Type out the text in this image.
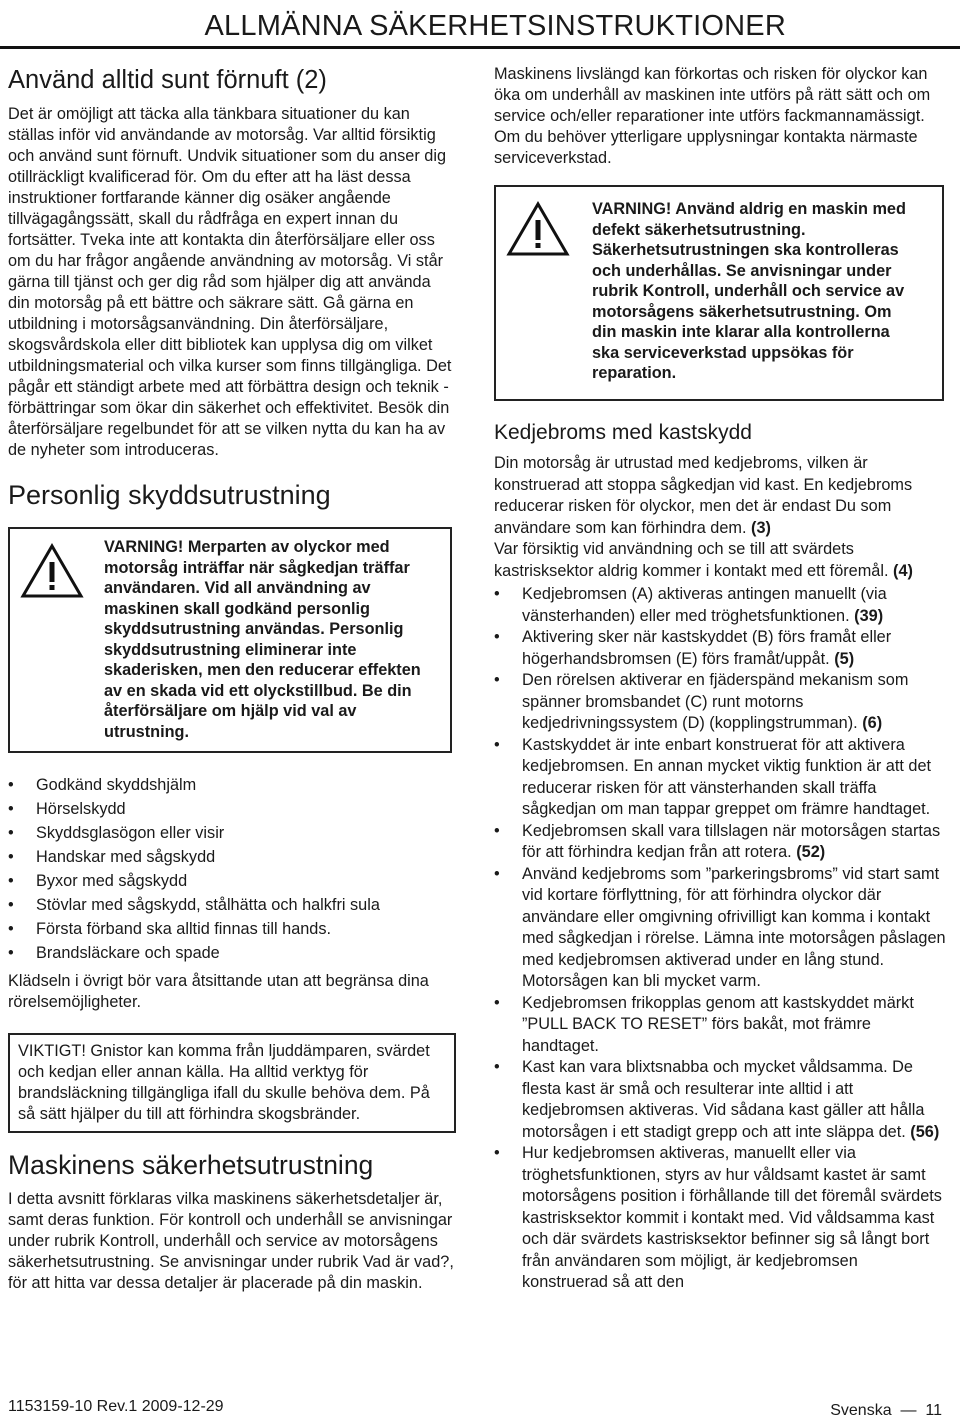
ALLMÄNNA SÄKERHETSINSTRUKTIONER
Använd alltid sunt förnuft (2)

Det är omöjligt att täcka alla tänkbara situationer du kan ställas inför vid användande av motorsåg. Var alltid försiktig och använd sunt förnuft. Undvik situationer som du anser dig otillräckligt kvalificerad för. Om du efter att ha läst dessa instruktioner fortfarande känner dig osäker angående tillvägagångssätt, skall du rådfråga en expert innan du fortsätter. Tveka inte att kontakta din återförsäljare eller oss om du har frågor angående användning av motorsåg. Vi står gärna till tjänst och ger dig råd som hjälper dig att använda din motorsåg på ett bättre och säkrare sätt. Gå gärna en utbildning i motorsågsanvändning. Din återförsäljare, skogsvårdskola eller ditt bibliotek kan upplysa dig om vilket utbildningsmaterial och vilka kurser som finns tillgängliga. Det pågår ett ständigt arbete med att förbättra design och teknik - förbättringar som ökar din säkerhet och effektivitet. Besök din återförsäljare regelbundet för att se vilken nytta du kan ha av de nyheter som introduceras.

Personlig skyddsutrustning
VARNING! Merparten av olyckor med
motorsåg inträffar när sågkedjan träffar
användaren. Vid all användning av
maskinen skall godkänd personlig
skyddsutrustning användas. Personlig
skyddsutrustning eliminerar inte
skaderisken, men den reducerar effekten
av en skada vid ett olyckstillbud. Be din
återförsäljare om hjälp vid val av
utrustning.
• Godkänd skyddshjälm
• Hörselskydd
• Skyddsglasögon eller visir
• Handskar med sågskydd
• Byxor med sågskydd
• Stövlar med sågskydd, stålhätta och halkfri sula
• Första förband ska alltid finnas till hands.
• Brandsläckare och spade

Klädseln i övrigt bör vara åtsittande utan att begränsa dina rörelsemöjligheter.

VIKTIGT! Gnistor kan komma från ljuddämparen, svärdet och kedjan eller annan källa. Ha alltid verktyg för brandsläckning tillgängliga ifall du skulle behöva dem. På så sätt hjälper du till att förhindra skogsbränder.

Maskinens säkerhetsutrustning

I detta avsnitt förklaras vilka maskinens säkerhetsdetaljer är, samt deras funktion. För kontroll och underhåll se anvisningar under rubrik Kontroll, underhåll och service av motorsågens säkerhetsutrustning. Se anvisningar under rubrik Vad är vad?, för att hitta var dessa detaljer är placerade på din maskin.

Maskinens livslängd kan förkortas och risken för olyckor kan öka om underhåll av maskinen inte utförs på rätt sätt och om service och/eller reparationer inte utförs fackmannamässigt. Om du behöver ytterligare upplysningar kontakta närmaste serviceverkstad.

VARNING! Använd aldrig en maskin med
defekt säkerhetsutrustning.
Säkerhetsutrustningen ska kontrolleras
och underhållas. Se anvisningar under
rubrik Kontroll, underhåll och service av
motorsågens säkerhetsutrustning. Om
din maskin inte klarar alla kontrollerna
ska serviceverkstad uppsökas för
reparation.
Kedjebroms med kastskydd

Din motorsåg är utrustad med kedjebroms, vilken är konstruerad att stoppa sågkedjan vid kast. En kedjebroms reducerar risken för olyckor, men det är endast Du som användare som kan förhindra dem. (3)

Var försiktig vid användning och se till att svärdets kastrisksektor aldrig kommer i kontakt med ett föremål. (4)

• Kedjebromsen (A) aktiveras antingen manuellt (via vänsterhanden) eller med tröghetsfunktionen. (39)
• Aktivering sker när kastskyddet (B) förs framåt eller högerhandsbromsen (E) förs framåt/uppåt. (5)
• Den rörelsen aktiverar en fjäderspänd mekanism som spänner bromsbandet (C) runt motorns kedjedrivningssystem (D) (kopplingstrumman). (6)
• Kastskyddet är inte enbart konstruerat för att aktivera kedjebromsen. En annan mycket viktig funktion är att det reducerar risken för att vänsterhanden skall träffa sågkedjan om man tappar greppet om främre handtaget.
• Kedjebromsen skall vara tillslagen när motorsågen startas för att förhindra kedjan från att rotera. (52)
• Använd kedjebroms som ”parkeringsbroms” vid start samt vid kortare förflyttning, för att förhindra olyckor där användare eller omgivning ofrivilligt kan komma i kontakt med sågkedjan i rörelse. Lämna inte motorsågen påslagen med kedjebromsen aktiverad under en lång stund. Motorsågen kan bli mycket varm.
• Kedjebromsen frikopplas genom att kastskyddet märkt ”PULL BACK TO RESET” förs bakåt, mot främre handtaget.
• Kast kan vara blixtsnabba och mycket våldsamma. De flesta kast är små och resulterar inte alltid i att kedjebromsen aktiveras. Vid sådana kast gäller att hålla motorsågen i ett stadigt grepp och att inte släppa det. (56)
• Hur kedjebromsen aktiveras, manuellt eller via tröghetsfunktionen, styrs av hur våldsamt kastet är samt motorsågens position i förhållande till det föremål svärdets kastrisksektor kommit i kontakt med. Vid våldsamma kast och där svärdets kastrisksektor befinner sig så långt bort från användaren som möjligt, är kedjebromsen konstruerad så att den
1153159-10 Rev.1 2009-12-29	Svenska  —  11
